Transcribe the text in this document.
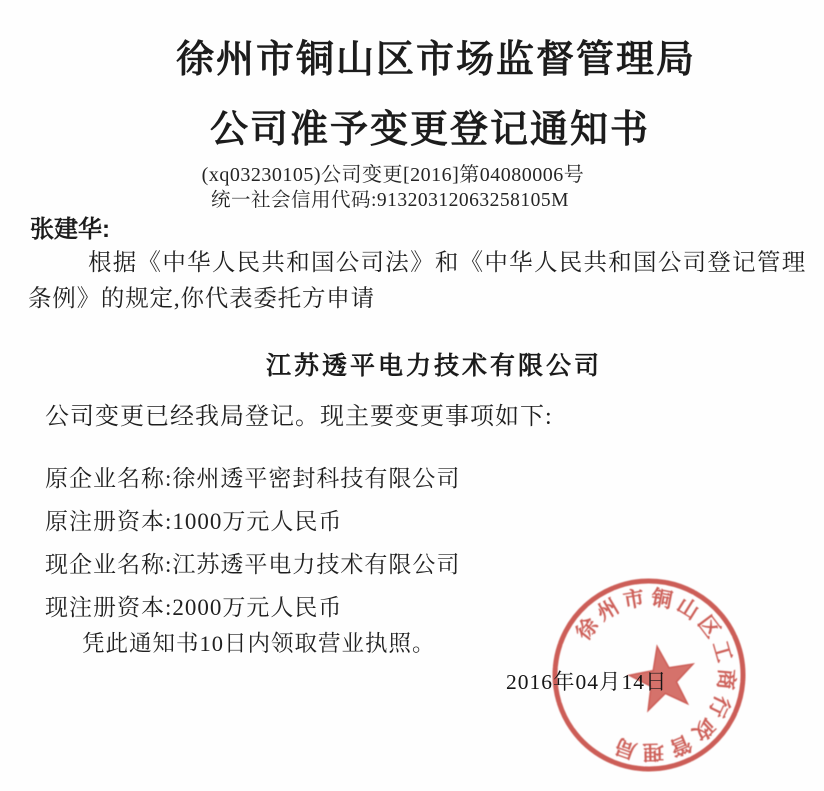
徐州市铜山区市场监督管理局
公司准予变更登记通知书
(xq03230105)公司变更[2016]第04080006号
统一社会信用代码:91320312063258105M
张建华:

根据《中华人民共和国公司法》和《中华人民共和国公司登记管理条例》的规定,你代表委托方申请

江苏透平电力技术有限公司
公司变更已经我局登记。现主要变更事项如下:
原企业名称:徐州透平密封科技有限公司
原注册资本:1000万元人民币
现企业名称:江苏透平电力技术有限公司
现注册资本:2000万元人民币
凭此通知书10日内领取营业执照。
2016年04月14日
徐州市铜山区工商行政管理局
